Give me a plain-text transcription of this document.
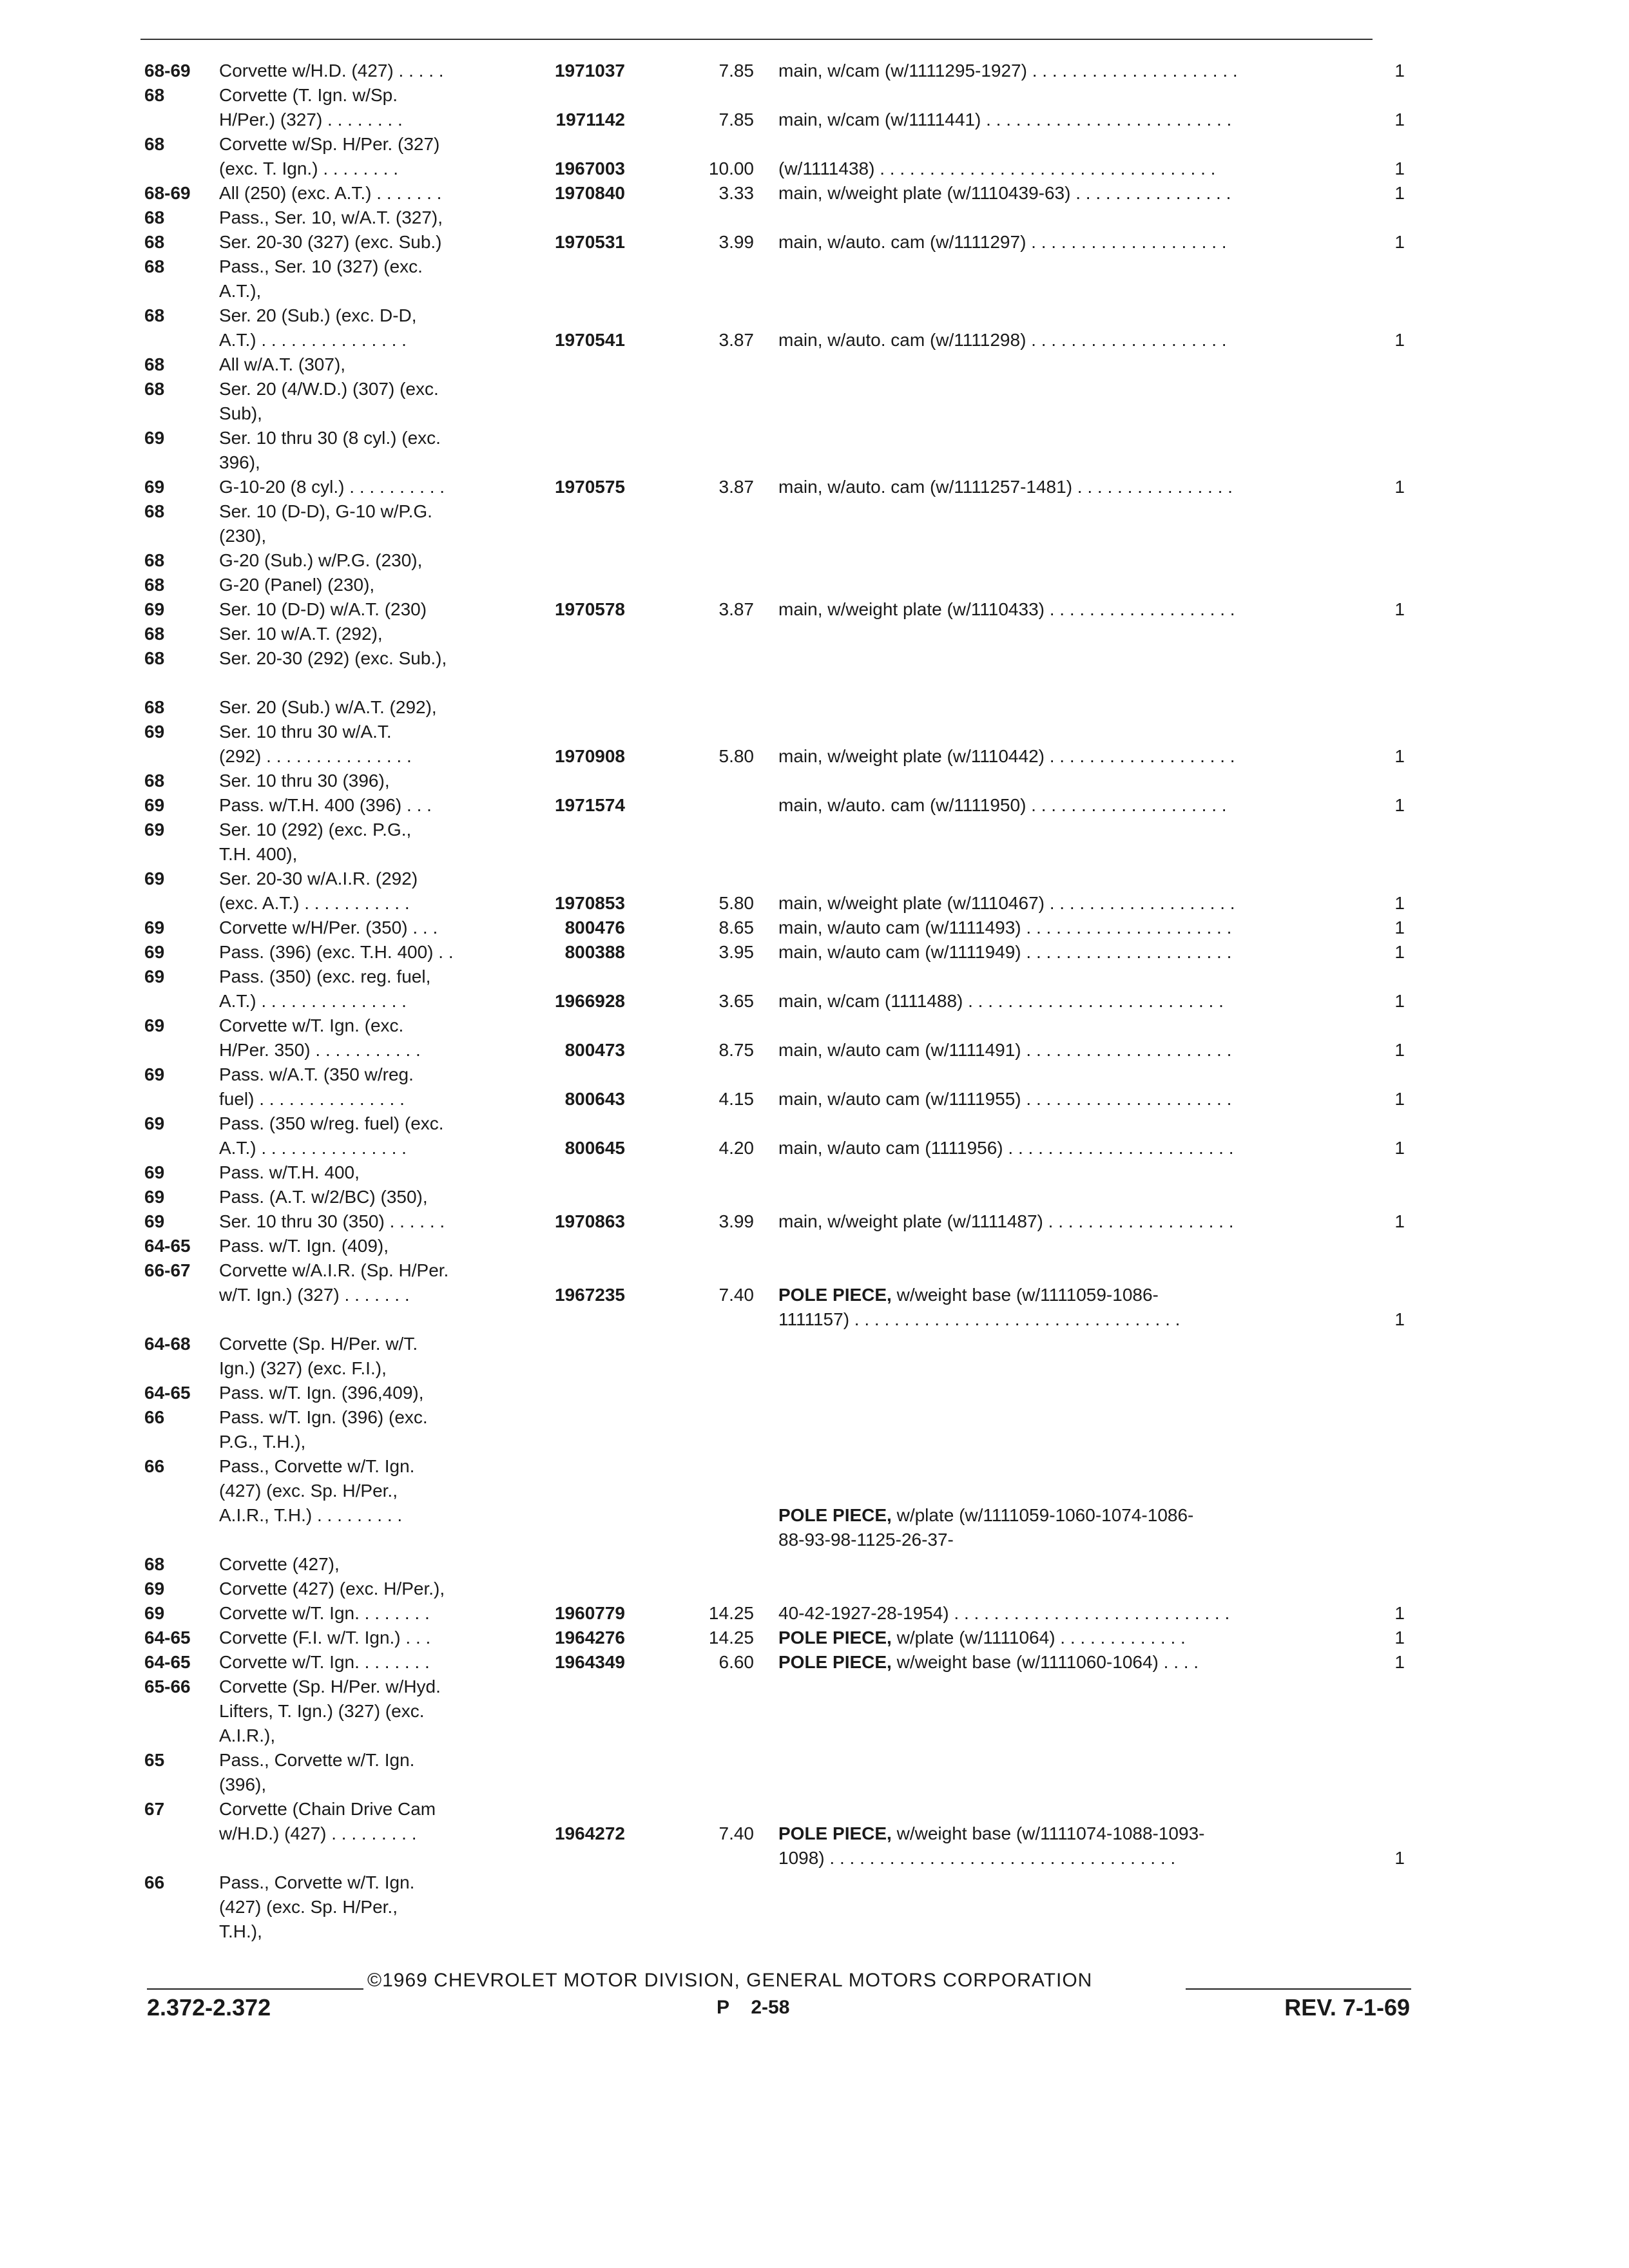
68-69 Corvette w/H.D. (427) . . . . .	1971037	7.85 main, w/cam (w/1111295-1927) . . . . . . . . . . . . . . . . . . . . .	1
68	Corvette (T. Ign. w/Sp.
H/Per.) (327) . . . . . . . .	1971142	7.85 main, w/cam (w/1111441) . . . . . . . . . . . . . . . . . . . . . . . . .	1
68	Corvette w/Sp. H/Per. (327)
(exc. T. Ign.) . . . . . . . .	1967003	10.00 (w/1111438) . . . . . . . . . . . . . . . . . . . . . . . . . . . . . . . . . .	1
68-69 All (250) (exc. A.T.) . . . . . . .	1970840	3.33 main, w/weight plate (w/1110439-63) . . . . . . . . . . . . . . . .	1
68	Pass., Ser. 10, w/A.T. (327),
68	Ser. 20-30 (327) (exc. Sub.)	1970531	3.99 main, w/auto. cam (w/1111297) . . . . . . . . . . . . . . . . . . . .	1
68	Pass., Ser. 10 (327) (exc.
A.T.),
68	Ser. 20 (Sub.) (exc. D-D,
A.T.) . . . . . . . . . . . . . . .	1970541	3.87 main, w/auto. cam (w/1111298) . . . . . . . . . . . . . . . . . . . .	1
68	All w/A.T. (307),
68	Ser. 20 (4/W.D.) (307) (exc.
Sub),
69	Ser. 10 thru 30 (8 cyl.) (exc.
396),
69	G-10-20 (8 cyl.) . . . . . . . . . .	1970575	3.87 main, w/auto. cam (w/1111257-1481) . . . . . . . . . . . . . . . .	1
68	Ser. 10 (D-D), G-10 w/P.G.
(230),
68	G-20 (Sub.) w/P.G. (230),
68	G-20 (Panel) (230),
69	Ser. 10 (D-D) w/A.T. (230)	1970578	3.87 main, w/weight plate (w/1110433) . . . . . . . . . . . . . . . . . . .	1
68	Ser. 10 w/A.T. (292),
68	Ser. 20-30 (292) (exc. Sub.),
68	Ser. 20 (Sub.) w/A.T. (292),
69	Ser. 10 thru 30 w/A.T.
(292) . . . . . . . . . . . . . . .	1970908	5.80 main, w/weight plate (w/1110442) . . . . . . . . . . . . . . . . . . .	1
68	Ser. 10 thru 30 (396),
69	Pass. w/T.H. 400 (396) . . .	1971574	main, w/auto. cam (w/1111950) . . . . . . . . . . . . . . . . . . . .	1
69	Ser. 10 (292) (exc. P.G.,
T.H. 400),
69	Ser. 20-30 w/A.I.R. (292)
(exc. A.T.) . . . . . . . . . . .	1970853	5.80 main, w/weight plate (w/1110467) . . . . . . . . . . . . . . . . . . .	1
69	Corvette w/H/Per. (350) . . .	800476	8.65 main, w/auto cam (w/1111493) . . . . . . . . . . . . . . . . . . . . .	1
69	Pass. (396) (exc. T.H. 400) . .	800388	3.95 main, w/auto cam (w/1111949) . . . . . . . . . . . . . . . . . . . . .	1
69	Pass. (350) (exc. reg. fuel,
A.T.) . . . . . . . . . . . . . . .	1966928	3.65 main, w/cam (1111488) . . . . . . . . . . . . . . . . . . . . . . . . . .	1
69	Corvette w/T. Ign. (exc.
H/Per. 350) . . . . . . . . . . .	800473	8.75 main, w/auto cam (w/1111491) . . . . . . . . . . . . . . . . . . . . .	1
69	Pass. w/A.T. (350 w/reg.
fuel) . . . . . . . . . . . . . . .	800643	4.15 main, w/auto cam (w/1111955) . . . . . . . . . . . . . . . . . . . . .	1
69	Pass. (350 w/reg. fuel) (exc.
A.T.) . . . . . . . . . . . . . . .	800645	4.20 main, w/auto cam (1111956) . . . . . . . . . . . . . . . . . . . . . . .	1
69	Pass. w/T.H. 400,
69	Pass. (A.T. w/2/BC) (350),
69	Ser. 10 thru 30 (350) . . . . . .	1970863	3.99 main, w/weight plate (w/1111487) . . . . . . . . . . . . . . . . . . .	1
64-65 Pass. w/T. Ign. (409),
66-67 Corvette w/A.I.R. (Sp. H/Per.
w/T. Ign.) (327) . . . . . . .	1967235	7.40 POLE PIECE, w/weight base (w/1111059-1086-
1111157) . . . . . . . . . . . . . . . . . . . . . . . . . . . . . . . . .	1
64-68 Corvette (Sp. H/Per. w/T.
Ign.) (327) (exc. F.I.),
64-65 Pass. w/T. Ign. (396,409),
66	Pass. w/T. Ign. (396) (exc.
P.G., T.H.),
66	Pass., Corvette w/T. Ign.
(427) (exc. Sp. H/Per.,
A.I.R., T.H.) . . . . . . . . .	POLE PIECE, w/plate (w/1111059-1060-1074-1086-
88-93-98-1125-26-37-
68	Corvette (427),
69	Corvette (427) (exc. H/Per.),
69	Corvette w/T. Ign. . . . . . . .	1960779	14.25 40-42-1927-28-1954) . . . . . . . . . . . . . . . . . . . . . . . . . . . .	1
64-65 Corvette (F.I. w/T. Ign.) . . .	1964276	14.25 POLE PIECE, w/plate (w/1111064) . . . . . . . . . . . . .	1
64-65 Corvette w/T. Ign. . . . . . . .	1964349	6.60 POLE PIECE, w/weight base (w/1111060-1064) . . . .	1
65-66 Corvette (Sp. H/Per. w/Hyd.
Lifters, T. Ign.) (327) (exc.
A.I.R.),
65	Pass., Corvette w/T. Ign.
(396),
67	Corvette (Chain Drive Cam
w/H.D.) (427) . . . . . . . . .	1964272	7.40 POLE PIECE, w/weight base (w/1111074-1088-1093-
1098) . . . . . . . . . . . . . . . . . . . . . . . . . . . . . . . . . . .	1
66	Pass., Corvette w/T. Ign.
(427) (exc. Sp. H/Per.,
T.H.),
©1969 CHEVROLET MOTOR DIVISION, GENERAL MOTORS CORPORATION
2.372-2.372	P 2-58	REV. 7-1-69
